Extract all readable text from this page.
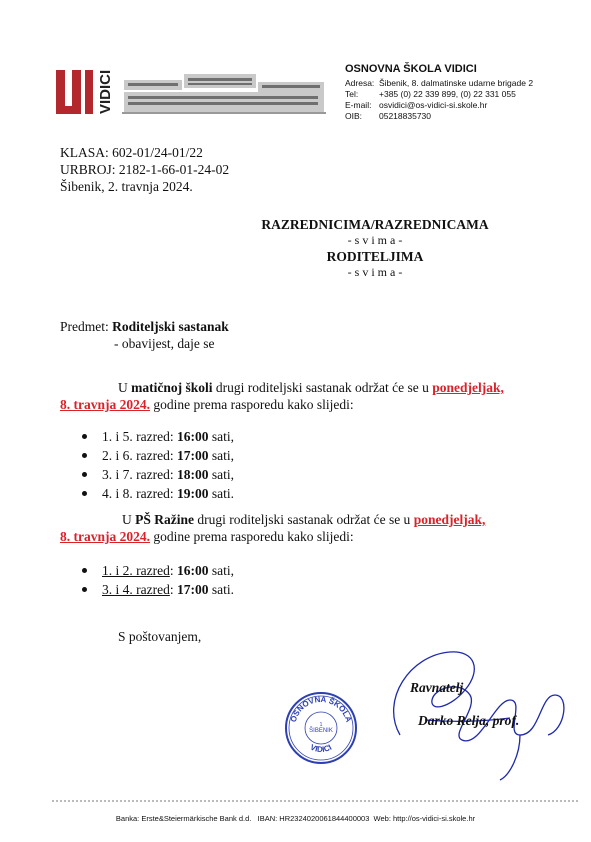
VIDICI
OSNOVNA ŠKOLA VIDICI
Adresa: Šibenik, 8. dalmatinske udarne brigade 2
Tel: +385 (0) 22 339 899, (0) 22 331 055
E-mail: osvidici@os-vidici-si.skole.hr
OIB: 05218835730
KLASA: 602-01/24-01/22
URBROJ: 2182-1-66-01-24-02
Šibenik, 2. travnja 2024.
RAZREDNICIMA/RAZREDNICAMA
- s v i m a -
RODITELJIMA
- s v i m a -
Predmet: Roditeljski sastanak
- obavijest, daje se
U matičnoj školi drugi roditeljski sastanak održat će se u ponedjeljak,
8. travnja 2024. godine prema rasporedu kako slijedi:
1. i 5. razred: 16:00 sati,
2. i 6. razred: 17:00 sati,
3. i 7. razred: 18:00 sati,
4. i 8. razred: 19:00 sati.
U PŠ Ražine drugi roditeljski sastanak održat će se u ponedjeljak,
8. travnja 2024. godine prema rasporedu kako slijedi:
1. i 2. razred: 16:00 sati,
3. i 4. razred: 17:00 sati.
S poštovanjem,
Ravnatelj
Darko Relja, prof.
OSNOVNA ŠKOLA
VIDICI
1
ŠIBENIK
Banka: Erste&Steiermärkische Bank d.d.   IBAN: HR2324020061844400003  Web: http://os-vidici-si.skole.hr
